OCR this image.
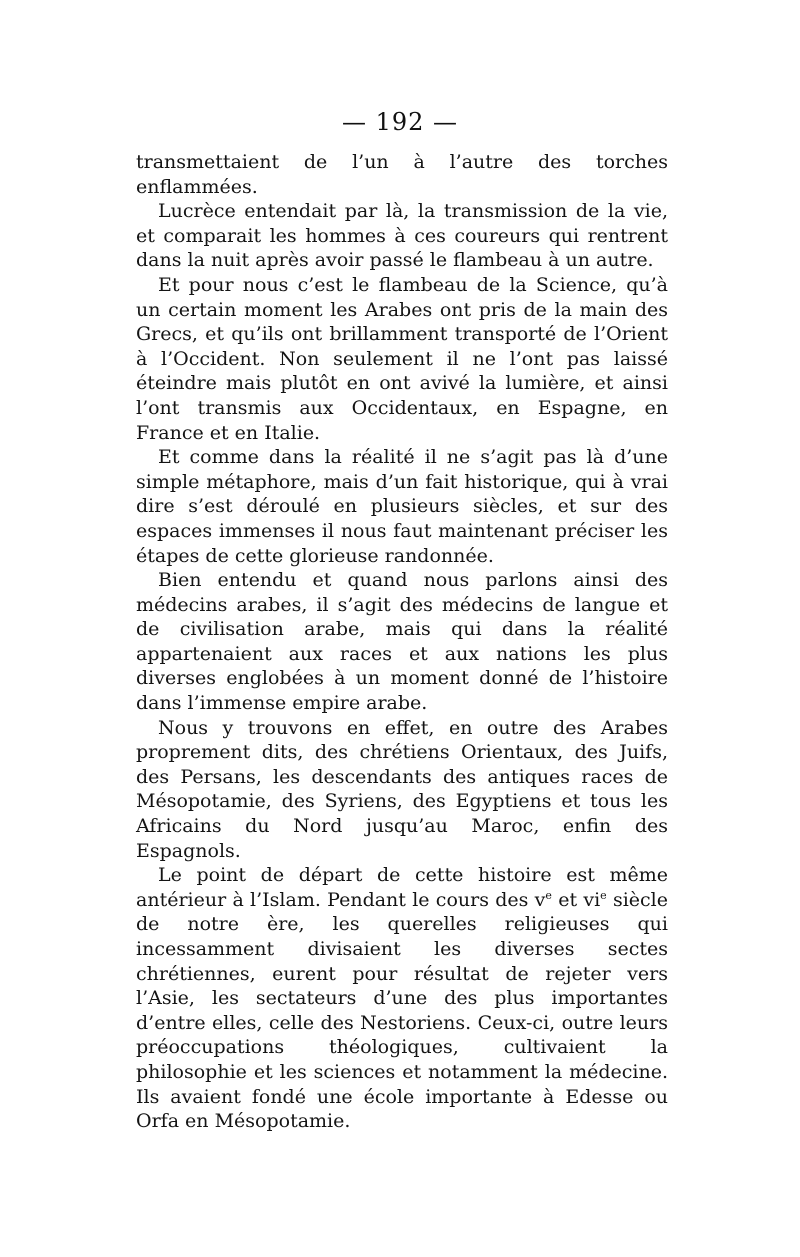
— 192 —

transmettaient de l’un à l’autre des torches enflammées.

Lucrèce entendait par là, la transmission de la vie, et comparait les hommes à ces coureurs qui rentrent dans la nuit après avoir passé le flambeau à un autre.

Et pour nous c’est le flambeau de la Science, qu’à un certain moment les Arabes ont pris de la main des Grecs, et qu’ils ont brillamment transporté de l’Orient à l’Occident. Non seulement il ne l’ont pas laissé éteindre mais plutôt en ont avivé la lumière, et ainsi l’ont transmis aux Occidentaux, en Espagne, en France et en Italie.

Et comme dans la réalité il ne s’agit pas là d’une simple métaphore, mais d’un fait historique, qui à vrai dire s’est déroulé en plusieurs siècles, et sur des espaces immenses il nous faut maintenant préciser les étapes de cette glorieuse randonnée.

Bien entendu et quand nous parlons ainsi des médecins arabes, il s’agit des médecins de langue et de civilisation arabe, mais qui dans la réalité appartenaient aux races et aux nations les plus diverses englobées à un moment donné de l’histoire dans l’immense empire arabe.

Nous y trouvons en effet, en outre des Arabes proprement dits, des chrétiens Orientaux, des Juifs, des Persans, les descendants des antiques races de Mésopotamie, des Syriens, des Egyptiens et tous les Africains du Nord jusqu’au Maroc, enfin des Espagnols.

Le point de départ de cette histoire est même antérieur à l’Islam. Pendant le cours des $v^e$ et $vi^e$ siècle de notre ère, les querelles religieuses qui incessamment divisaient les diverses sectes chrétiennes, eurent pour résultat de rejeter vers l’Asie, les sectateurs d’une des plus importantes d’entre elles, celle des Nestoriens. Ceux-ci, outre leurs préoccupations théologiques, cultivaient la philosophie et les sciences et notamment la médecine. Ils avaient fondé une école importante à Edesse ou Orfa en Mésopotamie.
